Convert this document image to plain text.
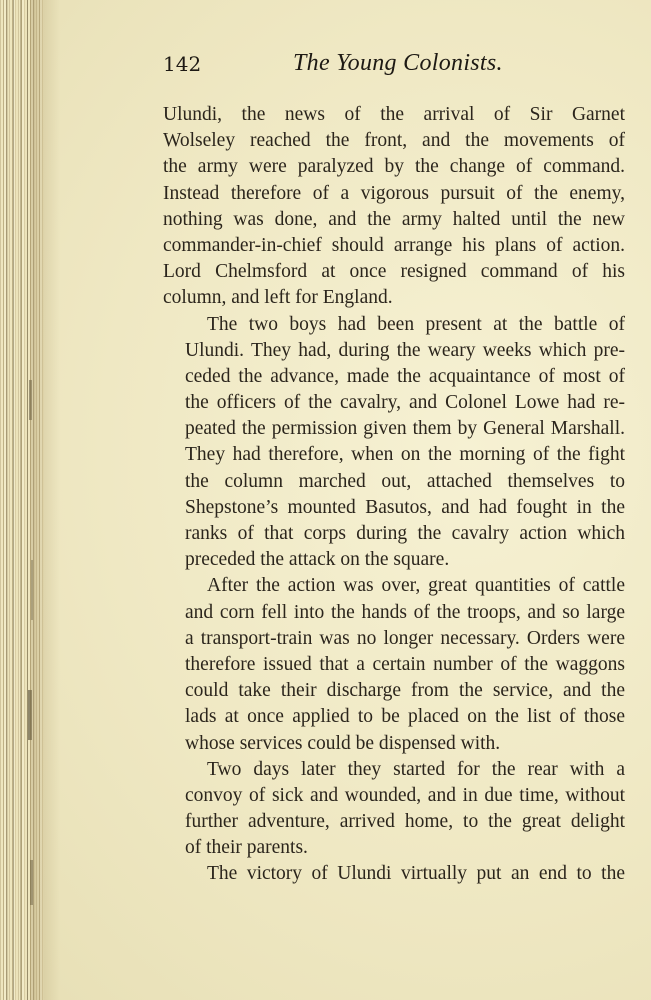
142	The Young Colonists.
Ulundi, the news of the arrival of Sir Garnet
Wolseley reached the front, and the movements of
the army were paralyzed by the change of command.
Instead therefore of a vigorous pursuit of the enemy,
nothing was done, and the army halted until the new
commander-in-chief should arrange his plans of action.
Lord Chelmsford at once resigned command of his
column, and left for England.
The two boys had been present at the battle of
Ulundi. They had, during the weary weeks which pre-
ceded the advance, made the acquaintance of most of
the officers of the cavalry, and Colonel Lowe had re-
peated the permission given them by General Marshall.
They had therefore, when on the morning of the fight
the column marched out, attached themselves to
Shepstone’s mounted Basutos, and had fought in the
ranks of that corps during the cavalry action which
preceded the attack on the square.
After the action was over, great quantities of cattle
and corn fell into the hands of the troops, and so large
a transport-train was no longer necessary. Orders were
therefore issued that a certain number of the waggons
could take their discharge from the service, and the
lads at once applied to be placed on the list of those
whose services could be dispensed with.
Two days later they started for the rear with a
convoy of sick and wounded, and in due time, without
further adventure, arrived home, to the great delight
of their parents.
The victory of Ulundi virtually put an end to the
